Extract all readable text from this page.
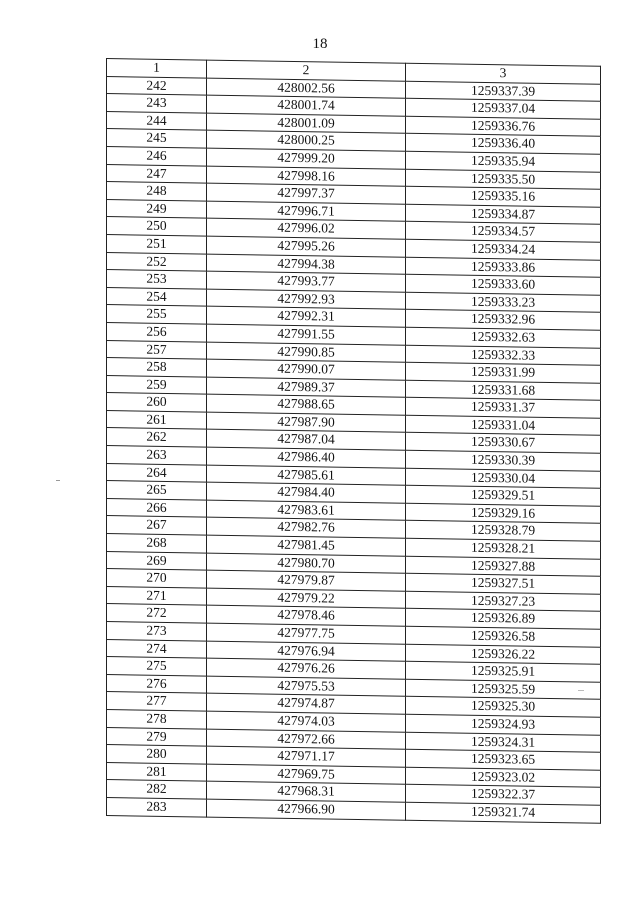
18
1	2	3
242	428002.56	1259337.39
243	428001.74	1259337.04
244	428001.09	1259336.76
245	428000.25	1259336.40
246	427999.20	1259335.94
247	427998.16	1259335.50
248	427997.37	1259335.16
249	427996.71	1259334.87
250	427996.02	1259334.57
251	427995.26	1259334.24
252	427994.38	1259333.86
253	427993.77	1259333.60
254	427992.93	1259333.23
255	427992.31	1259332.96
256	427991.55	1259332.63
257	427990.85	1259332.33
258	427990.07	1259331.99
259	427989.37	1259331.68
260	427988.65	1259331.37
261	427987.90	1259331.04
262	427987.04	1259330.67
263	427986.40	1259330.39
264	427985.61	1259330.04
265	427984.40	1259329.51
266	427983.61	1259329.16
267	427982.76	1259328.79
268	427981.45	1259328.21
269	427980.70	1259327.88
270	427979.87	1259327.51
271	427979.22	1259327.23
272	427978.46	1259326.89
273	427977.75	1259326.58
274	427976.94	1259326.22
275	427976.26	1259325.91
276	427975.53	1259325.59
277	427974.87	1259325.30
278	427974.03	1259324.93
279	427972.66	1259324.31
280	427971.17	1259323.65
281	427969.75	1259323.02
282	427968.31	1259322.37
283	427966.90	1259321.74
